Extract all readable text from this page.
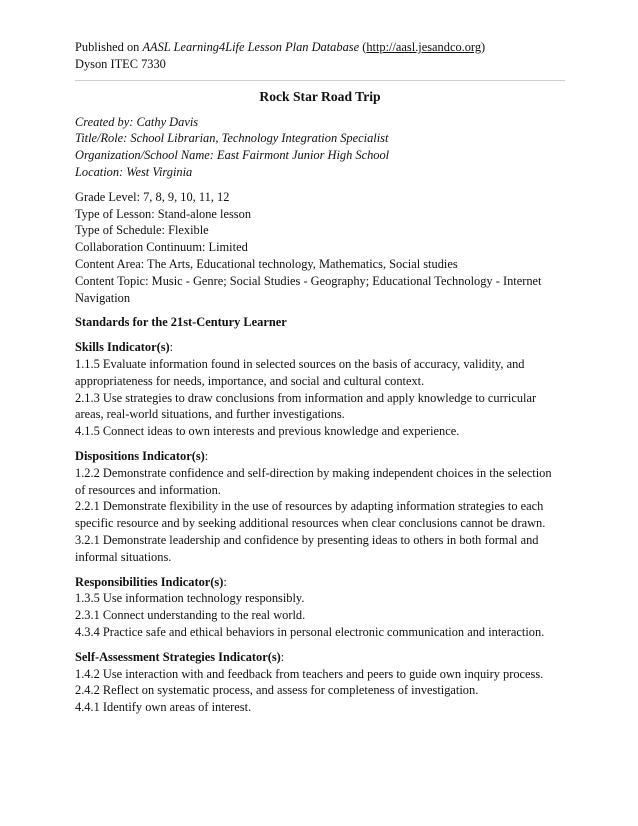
Published on AASL Learning4Life Lesson Plan Database (http://aasl.jesandco.org)
Dyson ITEC 7330
Rock Star Road Trip
Created by: Cathy Davis
Title/Role: School Librarian, Technology Integration Specialist
Organization/School Name: East Fairmont Junior High School
Location: West Virginia
Grade Level: 7, 8, 9, 10, 11, 12
Type of Lesson: Stand-alone lesson
Type of Schedule: Flexible
Collaboration Continuum: Limited
Content Area: The Arts, Educational technology, Mathematics, Social studies
Content Topic: Music - Genre; Social Studies - Geography; Educational Technology - Internet
Navigation
Standards for the 21st-Century Learner
Skills Indicator(s):
1.1.5 Evaluate information found in selected sources on the basis of accuracy, validity, and
appropriateness for needs, importance, and social and cultural context.
2.1.3 Use strategies to draw conclusions from information and apply knowledge to curricular
areas, real-world situations, and further investigations.
4.1.5 Connect ideas to own interests and previous knowledge and experience.
Dispositions Indicator(s):
1.2.2 Demonstrate confidence and self-direction by making independent choices in the selection
of resources and information.
2.2.1 Demonstrate flexibility in the use of resources by adapting information strategies to each
specific resource and by seeking additional resources when clear conclusions cannot be drawn.
3.2.1 Demonstrate leadership and confidence by presenting ideas to others in both formal and
informal situations.
Responsibilities Indicator(s):
1.3.5 Use information technology responsibly.
2.3.1 Connect understanding to the real world.
4.3.4 Practice safe and ethical behaviors in personal electronic communication and interaction.
Self-Assessment Strategies Indicator(s):
1.4.2 Use interaction with and feedback from teachers and peers to guide own inquiry process.
2.4.2 Reflect on systematic process, and assess for completeness of investigation.
4.4.1 Identify own areas of interest.
